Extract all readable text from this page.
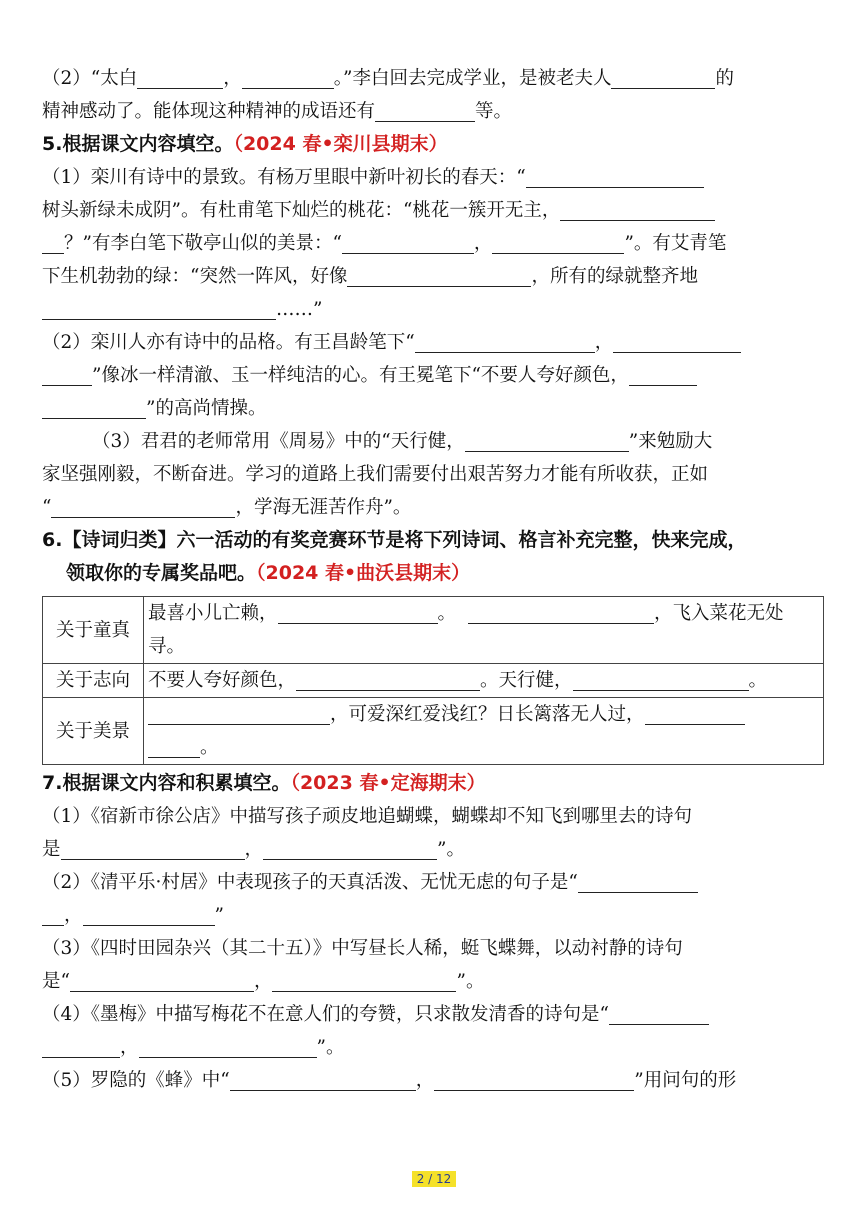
（2）“太白	，	。”李白回去完成学业，是被老夫人	的
精神感动了。能体现这种精神的成语还有	等。
5.根据课文内容填空。（2024 春•栾川县期末）
（1）栾川有诗中的景致。有杨万里眼中新叶初长的春天：“
树头新绿未成阴”。有杜甫笔下灿烂的桃花：“桃花一簇开无主，
？”有李白笔下敬亭山似的美景：“	，	”。有艾青笔
下生机勃勃的绿：“突然一阵风，好像	，所有的绿就整齐地
……”
（2）栾川人亦有诗中的品格。有王昌龄笔下“	，
”像冰一样清澈、玉一样纯洁的心。有王冕笔下“不要人夸好颜色，
”的高尚情操。
（3）君君的老师常用《周易》中的“天行健，	”来勉励大
家坚强刚毅，不断奋进。学习的道路上我们需要付出艰苦努力才能有所收获，正如
“	，学海无涯苦作舟”。
6.【诗词归类】六一活动的有奖竞赛环节是将下列诗词、格言补充完整，快来完成，
领取你的专属奖品吧。（2024 春•曲沃县期末）
关于童真	最喜小儿亡赖， 。 ，飞入菜花无处
寻。

关于志向	不要人夸好颜色， 。天行健， 。

关于美景	，可爱深红爱浅红？日长篱落无人过，
。
7.根据课文内容和积累填空。（2023 春•定海期末）
（1）《宿新市徐公店》中描写孩子顽皮地追蝴蝶，蝴蝶却不知飞到哪里去的诗句
是	，	”。
（2）《清平乐·村居》中表现孩子的天真活泼、无忧无虑的句子是“
，	”
（3）《四时田园杂兴（其二十五）》中写昼长人稀，蜓飞蝶舞，以动衬静的诗句
是“	，	”。
（4）《墨梅》中描写梅花不在意人们的夸赞，只求散发清香的诗句是“
，	”。
（5）罗隐的《蜂》中“	，	”用问句的形
2 / 12
